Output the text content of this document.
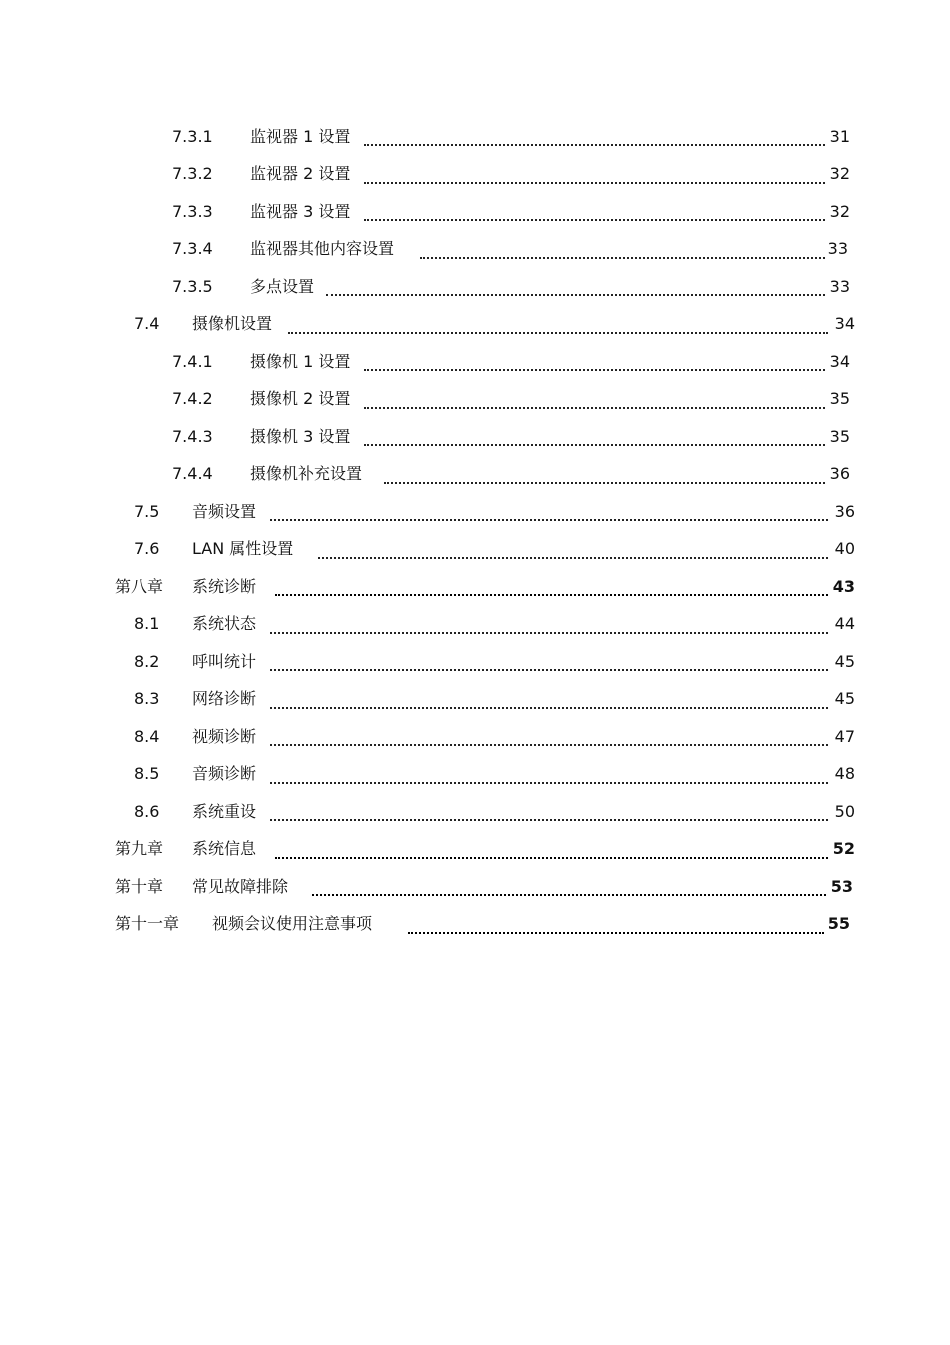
7.3.1 监视器 1 设置	31
7.3.2 监视器 2 设置	32
7.3.3 监视器 3 设置	32
7.3.4 监视器其他内容设置	33
7.3.5 多点设置	33
7.4 摄像机设置	34
7.4.1 摄像机 1 设置	34
7.4.2 摄像机 2 设置	35
7.4.3 摄像机 3 设置	35
7.4.4 摄像机补充设置	36
7.5 音频设置	36
7.6 LAN 属性设置	40
第八章 系统诊断	43
8.1 系统状态	44
8.2 呼叫统计	45
8.3 网络诊断	45
8.4 视频诊断	47
8.5 音频诊断	48
8.6 系统重设	50
第九章 系统信息	52
第十章 常见故障排除	53
第十一章 视频会议使用注意事项	55
